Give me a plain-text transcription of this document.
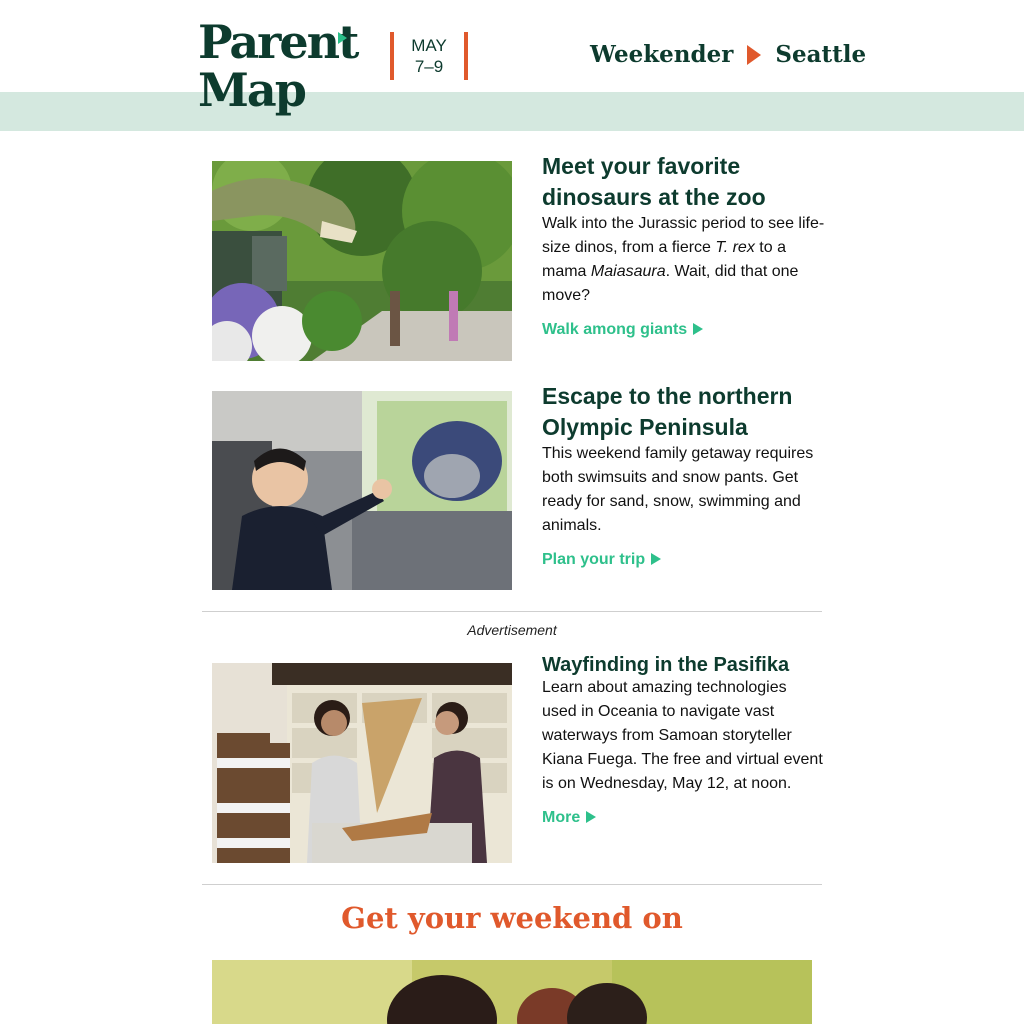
Parent
Map
MAY
7–9	Weekender Seattle
Meet your favorite dinosaurs at the zoo
Walk into the Jurassic period to see life-size dinos, from a fierce T. rex to a mama Maiasaura. Wait, did that one move?
Walk among giants
Escape to the northern Olympic Peninsula
This weekend family getaway requires both swimsuits and snow pants. Get ready for sand, snow, swimming and animals.
Plan your trip
Advertisement
Wayfinding in the Pasifika
Learn about amazing technologies used in Oceania to navigate vast waterways from Samoan storyteller Kiana Fuega. The free and virtual event is on Wednesday, May 12, at noon.
More
Get your weekend on
